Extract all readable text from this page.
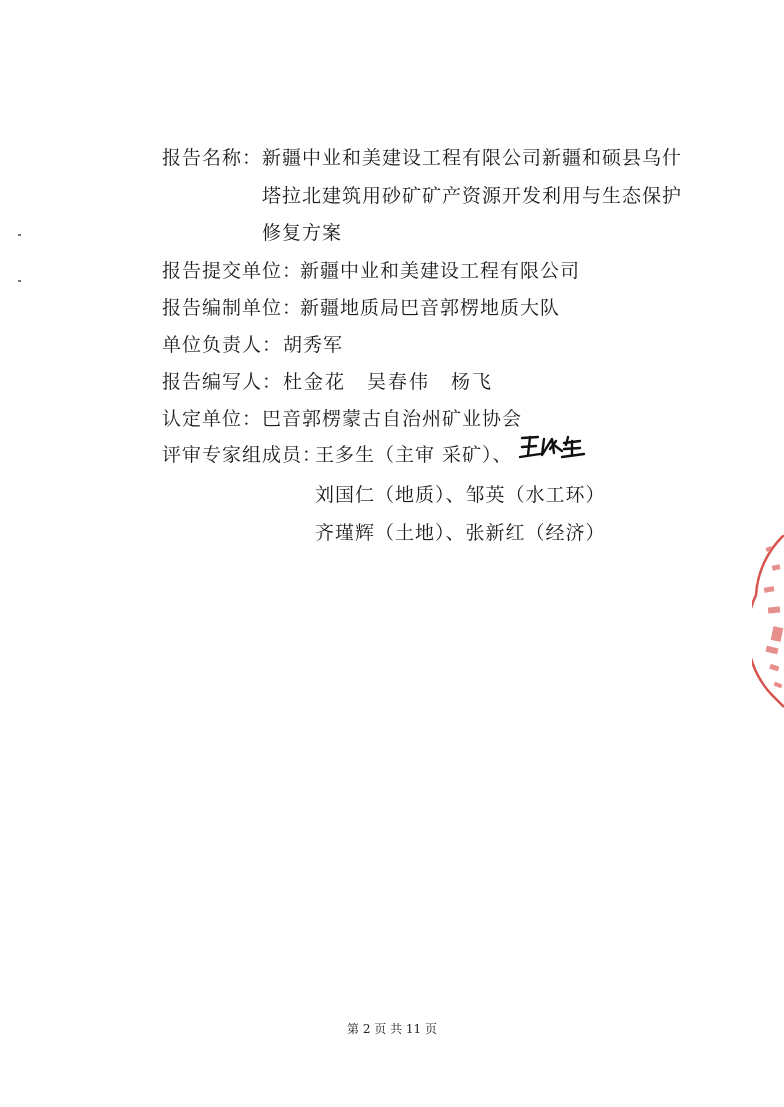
报告名称： 新疆中业和美建设工程有限公司新疆和硕县乌什
塔拉北建筑用砂矿矿产资源开发利用与生态保护
修复方案
报告提交单位：
新疆中业和美建设工程有限公司
报告编制单位：
新疆地质局巴音郭楞地质大队
单位负责人： 胡秀军
报告编写人： 杜金花　吴春伟　杨飞
认定单位： 巴音郭楞蒙古自治州矿业协会
评审专家组成员：
王多生（主审 采矿）、
刘国仁（地质）、邹英（水工环）
齐瑾辉（土地）、张新红（经济）
第 2 页 共 11 页
